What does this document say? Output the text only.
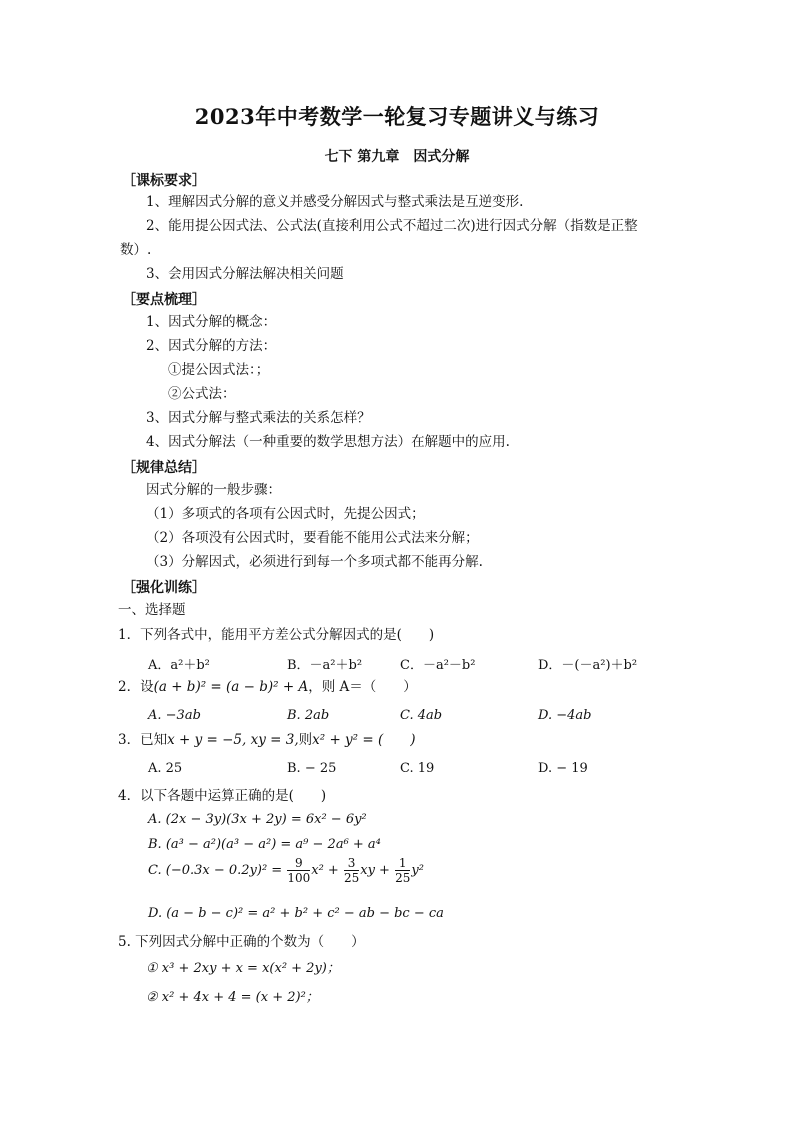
2023年中考数学一轮复习专题讲义与练习
七下 第九章　因式分解
［课标要求］
1、理解因式分解的意义并感受分解因式与整式乘法是互逆变形.
2、能用提公因式法、公式法(直接利用公式不超过二次)进行因式分解（指数是正整
数）.
3、会用因式分解法解决相关问题
［要点梳理］
1、因式分解的概念：
2、因式分解的方法：
①提公因式法：；
②公式法：
3、因式分解与整式乘法的关系怎样？
4、因式分解法（一种重要的数学思想方法）在解题中的应用.
［规律总结］
因式分解的一般步骤：
（1）多项式的各项有公因式时，先提公因式；
（2）各项没有公因式时，要看能不能用公式法来分解；
（3）分解因式，必须进行到每一个多项式都不能再分解.
［强化训练］
一、选择题
1．下列各式中，能用平方差公式分解因式的是(　　)
A．a²＋b²	B．－a²＋b²	C．－a²－b²	D．－(－a²)＋b²
2．设(a + b)² = (a − b)² + A，则 A＝（　　）
A. −3ab	B. 2ab	C. 4ab	D. −4ab
3．已知x + y = −5, xy = 3,则x² + y² = (　　)
A. 25	B. − 25	C. 19	D. − 19
4．以下各题中运算正确的是(　　)
A. (2x − 3y)(3x + 2y) = 6x² − 6y²
B. (a³ − a²)(a³ − a²) = a⁹ − 2a⁶ + a⁴
C. $(-0.3x - 0.2y)^2 = \frac{9}{100} x^2 + \frac{3}{25}$ xy + $\frac{1}{25} y^2$
D. (a − b − c)² = a² + b² + c² − ab − bc − ca
5. 下列因式分解中正确的个数为（　　）
① x³ + 2xy + x = x(x² + 2y)；
② x² + 4x + 4 = (x + 2)²；
